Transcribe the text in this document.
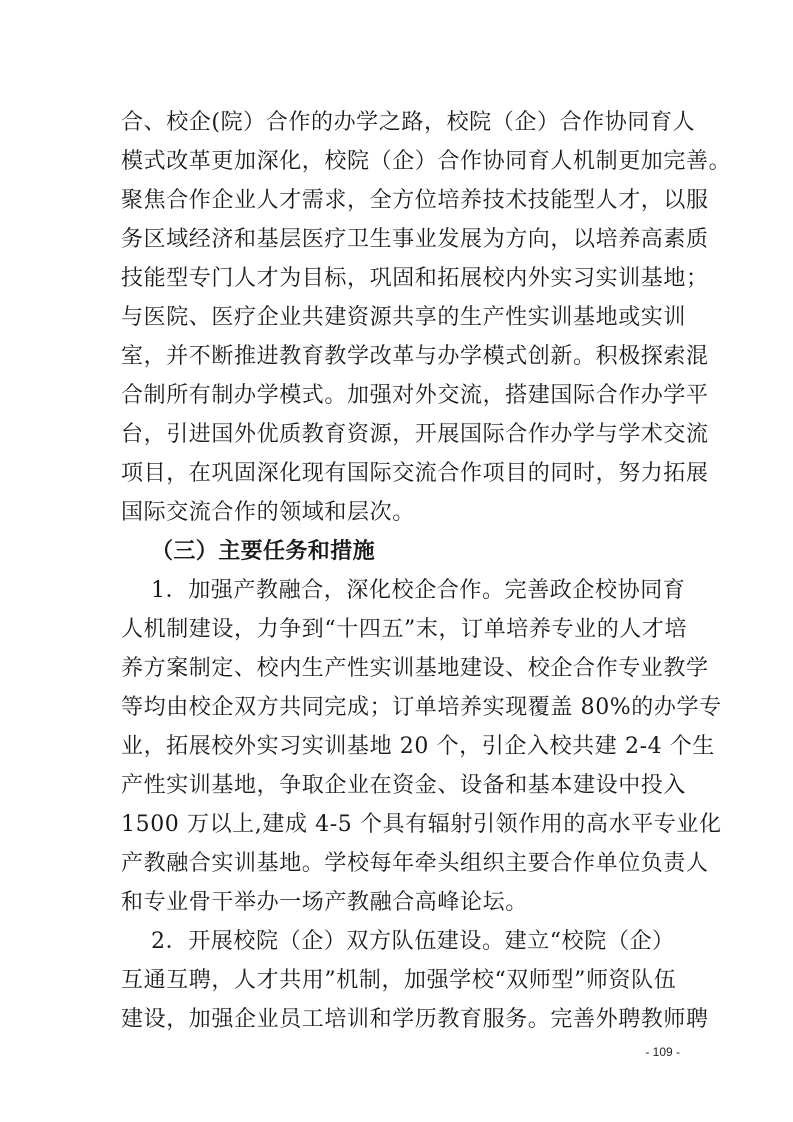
合、校企(院）合作的办学之路，校院（企）合作协同育人
模式改革更加深化，校院（企）合作协同育人机制更加完善。
聚焦合作企业人才需求，全方位培养技术技能型人才，以服
务区域经济和基层医疗卫生事业发展为方向，以培养高素质
技能型专门人才为目标，巩固和拓展校内外实习实训基地；
与医院、医疗企业共建资源共享的生产性实训基地或实训
室，并不断推进教育教学改革与办学模式创新。积极探索混
合制所有制办学模式。加强对外交流，搭建国际合作办学平
台，引进国外优质教育资源，开展国际合作办学与学术交流
项目，在巩固深化现有国际交流合作项目的同时，努力拓展
国际交流合作的领域和层次。
（三）主要任务和措施
1．加强产教融合，深化校企合作。完善政企校协同育
人机制建设，力争到“十四五”末，订单培养专业的人才培
养方案制定、校内生产性实训基地建设、校企合作专业教学
等均由校企双方共同完成；订单培养实现覆盖 80%的办学专
业，拓展校外实习实训基地 20 个，引企入校共建 2-4 个生
产性实训基地，争取企业在资金、设备和基本建设中投入
1500 万以上,建成 4-5 个具有辐射引领作用的高水平专业化
产教融合实训基地。学校每年牵头组织主要合作单位负责人
和专业骨干举办一场产教融合高峰论坛。
2．开展校院（企）双方队伍建设。建立“校院（企）
互通互聘，人才共用”机制，加强学校“双师型”师资队伍
建设，加强企业员工培训和学历教育服务。完善外聘教师聘
- 109 -
